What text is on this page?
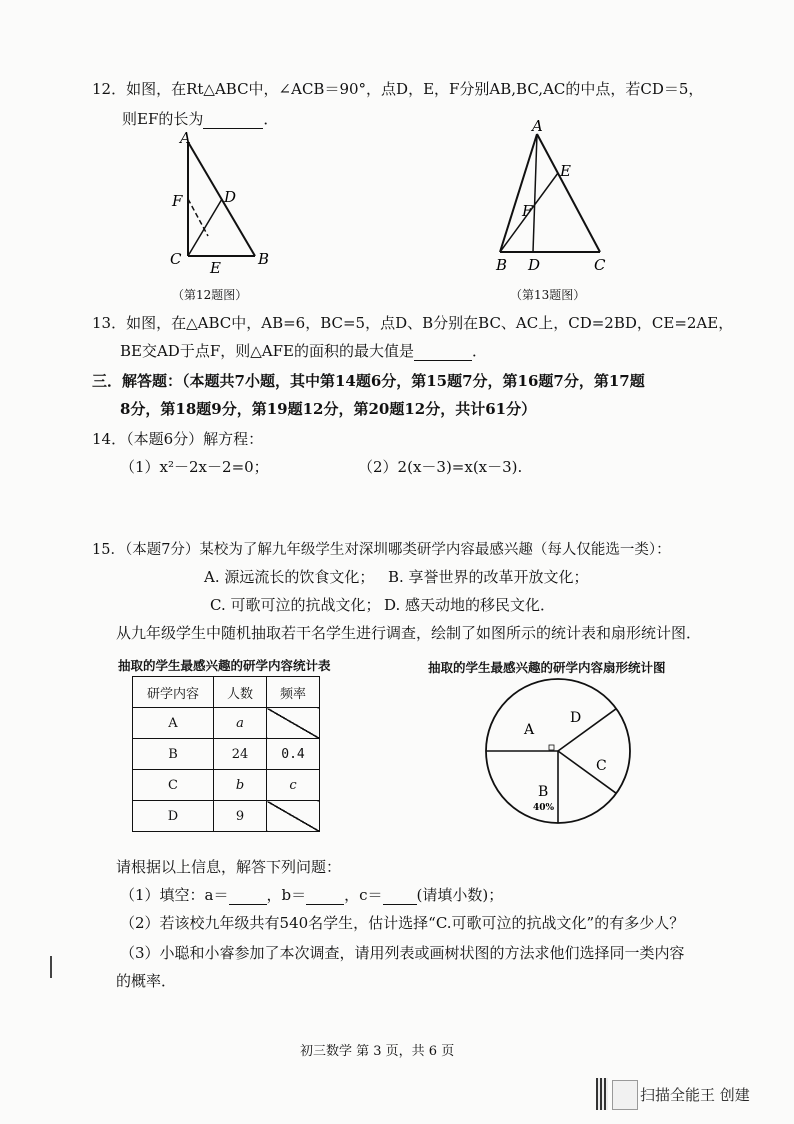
12．如图，在Rt△ABC中，∠ACB＝90°，点D，E，F分别AB,BC,AC的中点，若CD＝5，
则EF的长为	．
A
F	D
C E B
（第12题图）
A
E
F
B D	C
（第13题图）
13．如图，在△ABC中，AB=6，BC=5，点D、B分别在BC、AC上，CD=2BD，CE=2AE，
BE交AD于点F，则△AFE的面积的最大值是	．
三．解答题：（本题共7小题，其中第14题6分，第15题7分，第16题7分，第17题
8分，第18题9分，第19题12分，第20题12分，共计61分）
14．（本题6分）解方程：
（1）x²－2x－2=0；	（2）2(x－3)=x(x－3).
15．（本题7分）某校为了解九年级学生对深圳哪类研学内容最感兴趣（每人仅能选一类）：
A. 源远流长的饮食文化； B. 享誉世界的改革开放文化；
C. 可歌可泣的抗战文化； D. 感天动地的移民文化．
从九年级学生中随机抽取若干名学生进行调查，绘制了如图所示的统计表和扇形统计图．
抽取的学生最感兴趣的研学内容统计表	抽取的学生最感兴趣的研学内容扇形统计图
研学内容	人数	频率
A	a	
B	24	0.4
C	b	c
D	9	
A
D
C
B
40%
请根据以上信息，解答下列问题：
（1）填空：a＝	，b＝	，c＝ (请填小数)；
（2）若该校九年级共有540名学生，估计选择“C.可歌可泣的抗战文化”的有多少人？
（3）小聪和小睿参加了本次调查，请用列表或画树状图的方法求他们选择同一类内容
的概率．
初三数学 第 3 页，共 6 页
扫描全能王 创建
